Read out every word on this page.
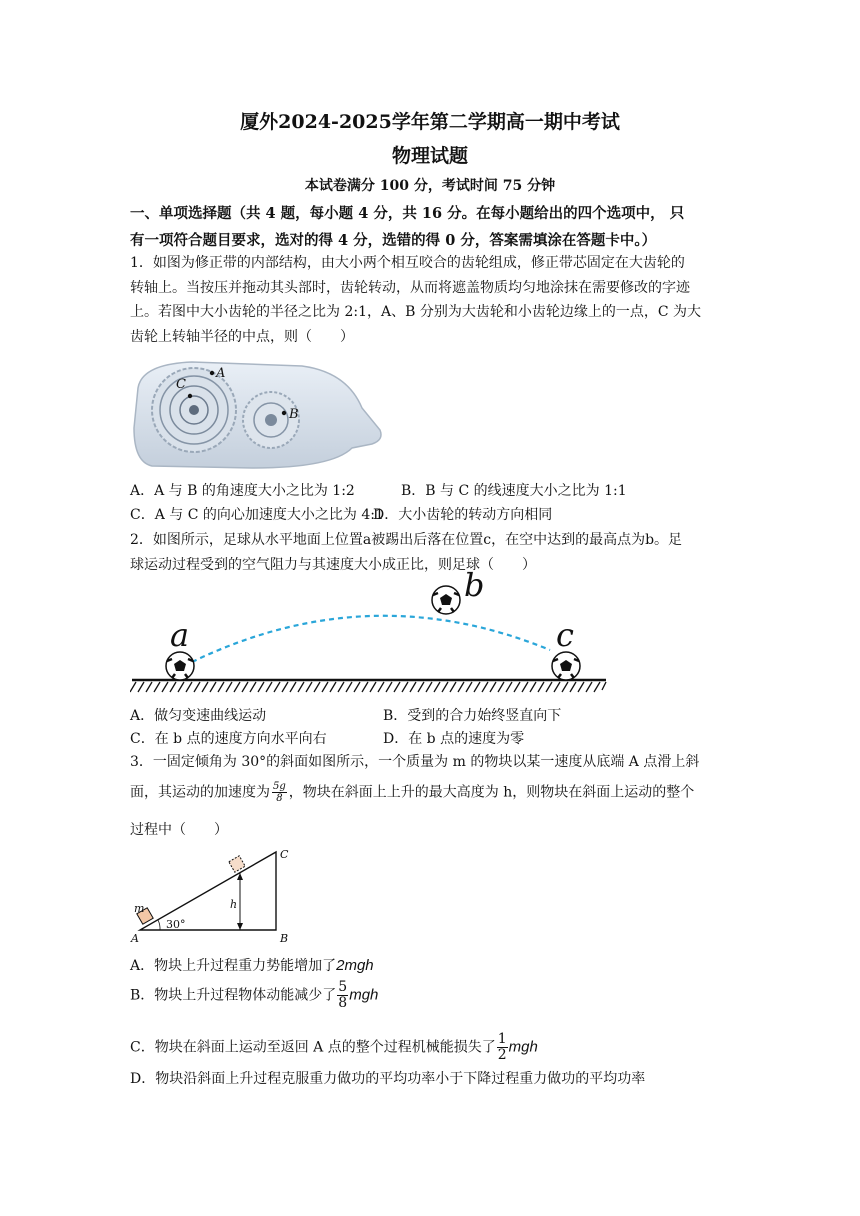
厦外2024-2025学年第二学期高一期中考试
物理试题
本试卷满分 100 分，考试时间 75 分钟
一、单项选择题（共 4 题，每小题 4 分，共 16 分。在每小题给出的四个选项中， 只
有一项符合题目要求，选对的得 4 分，选错的得 0 分，答案需填涂在答题卡中。）
1．如图为修正带的内部结构，由大小两个相互咬合的齿轮组成，修正带芯固定在大齿轮的
转轴上。当按压并拖动其头部时，齿轮转动，从而将遮盖物质均匀地涂抹在需要修改的字迹
上。若图中大小齿轮的半径之比为 2:1，A、B 分别为大齿轮和小齿轮边缘上的一点，C 为大
齿轮上转轴半径的中点，则（　　）
A
C
B
A．A 与 B 的角速度大小之比为 1:2	B．B 与 C 的线速度大小之比为 1:1
C．A 与 C 的向心加速度大小之比为 4:1
D．大小齿轮的转动方向相同
2．如图所示，足球从水平地面上位置a被踢出后落在位置c，在空中达到的最高点为b。足
球运动过程受到的空气阻力与其速度大小成正比，则足球（　　）
a
b
c
A．做匀变速曲线运动	B．受到的合力始终竖直向下
C．在 b 点的速度方向水平向右	D．在 b 点的速度为零
3．一固定倾角为 30°的斜面如图所示，一个质量为 m 的物块以某一速度从底端 A 点滑上斜
面，其运动的加速度为 $\frac{5g}{8}$ ，物块在斜面上上升的最大高度为 h，则物块在斜面上运动的整个
过程中（　　）
m
A	B
C
h
30°
A．物块上升过程重力势能增加了2mgh
B．物块上升过程物体动能减少了 $\frac{5}{8}$ mgh
C．物块在斜面上运动至返回 A 点的整个过程机械能损失了 $\frac{1}{2}$ mgh
D．物块沿斜面上升过程克服重力做功的平均功率小于下降过程重力做功的平均功率
